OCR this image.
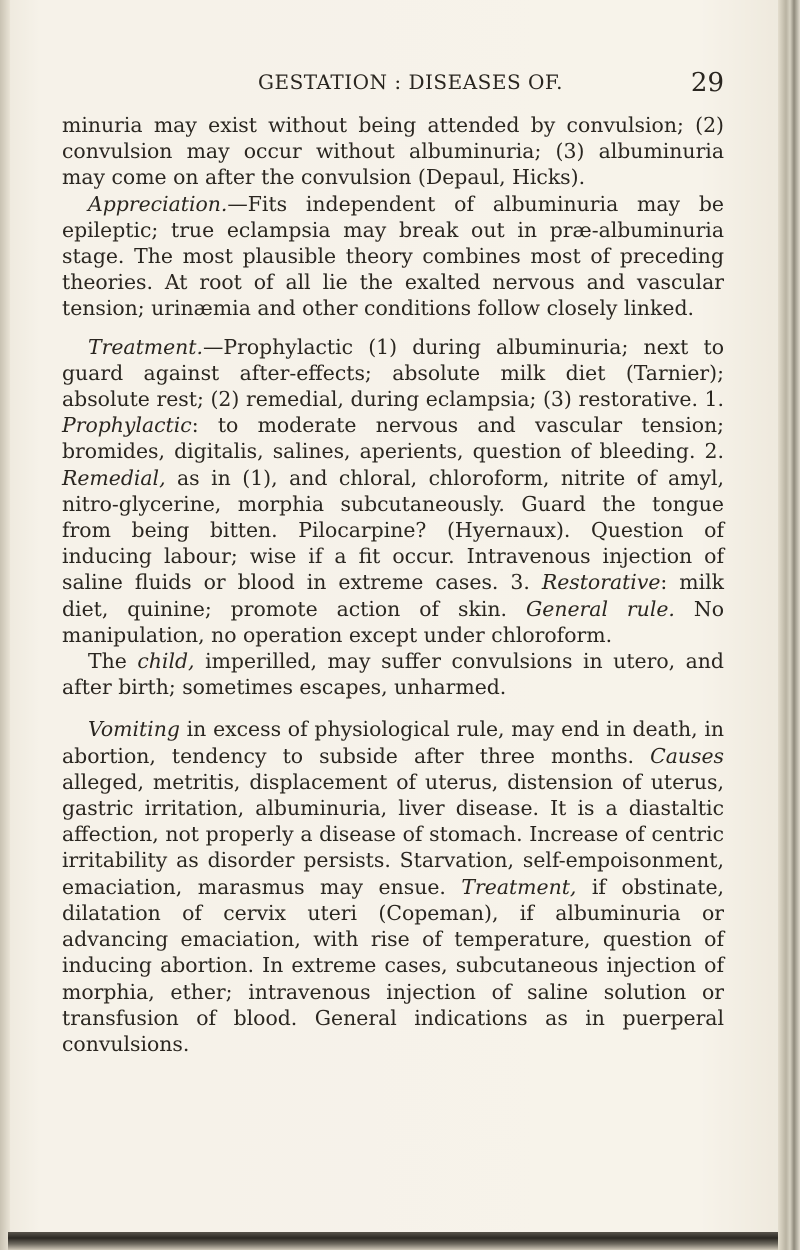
GESTATION : DISEASES OF.	29

minuria may exist without being attended by convulsion; (2) convulsion may occur without albuminuria; (3) albuminuria may come on after the convulsion (Depaul, Hicks).

Appreciation.—Fits independent of albuminuria may be epileptic; true eclampsia may break out in præ-albuminuria stage. The most plausible theory combines most of preceding theories. At root of all lie the exalted nervous and vascular tension; urinæmia and other conditions follow closely linked.

Treatment.—Prophylactic (1) during albuminuria; next to guard against after-effects; absolute milk diet (Tarnier); absolute rest; (2) remedial, during eclampsia; (3) restorative. 1. Prophylactic: to moderate nervous and vascular tension; bromides, digitalis, salines, aperients, question of bleeding. 2. Remedial, as in (1), and chloral, chloroform, nitrite of amyl, nitro-glycerine, morphia subcutaneously. Guard the tongue from being bitten. Pilocarpine? (Hyernaux). Question of inducing labour; wise if a fit occur. Intravenous injection of saline fluids or blood in extreme cases. 3. Restorative: milk diet, quinine; promote action of skin. General rule. No manipulation, no operation except under chloroform.

The child, imperilled, may suffer convulsions in utero, and after birth; sometimes escapes, unharmed.

Vomiting in excess of physiological rule, may end in death, in abortion, tendency to subside after three months. Causes alleged, metritis, displacement of uterus, distension of uterus, gastric irritation, albuminuria, liver disease. It is a diastaltic affection, not properly a disease of stomach. Increase of centric irritability as disorder persists. Starvation, self-empoisonment, emaciation, marasmus may ensue. Treatment, if obstinate, dilatation of cervix uteri (Copeman), if albuminuria or advancing emaciation, with rise of temperature, question of inducing abortion. In extreme cases, subcutaneous injection of morphia, ether; intravenous injection of saline solution or transfusion of blood. General indications as in puerperal convulsions.
